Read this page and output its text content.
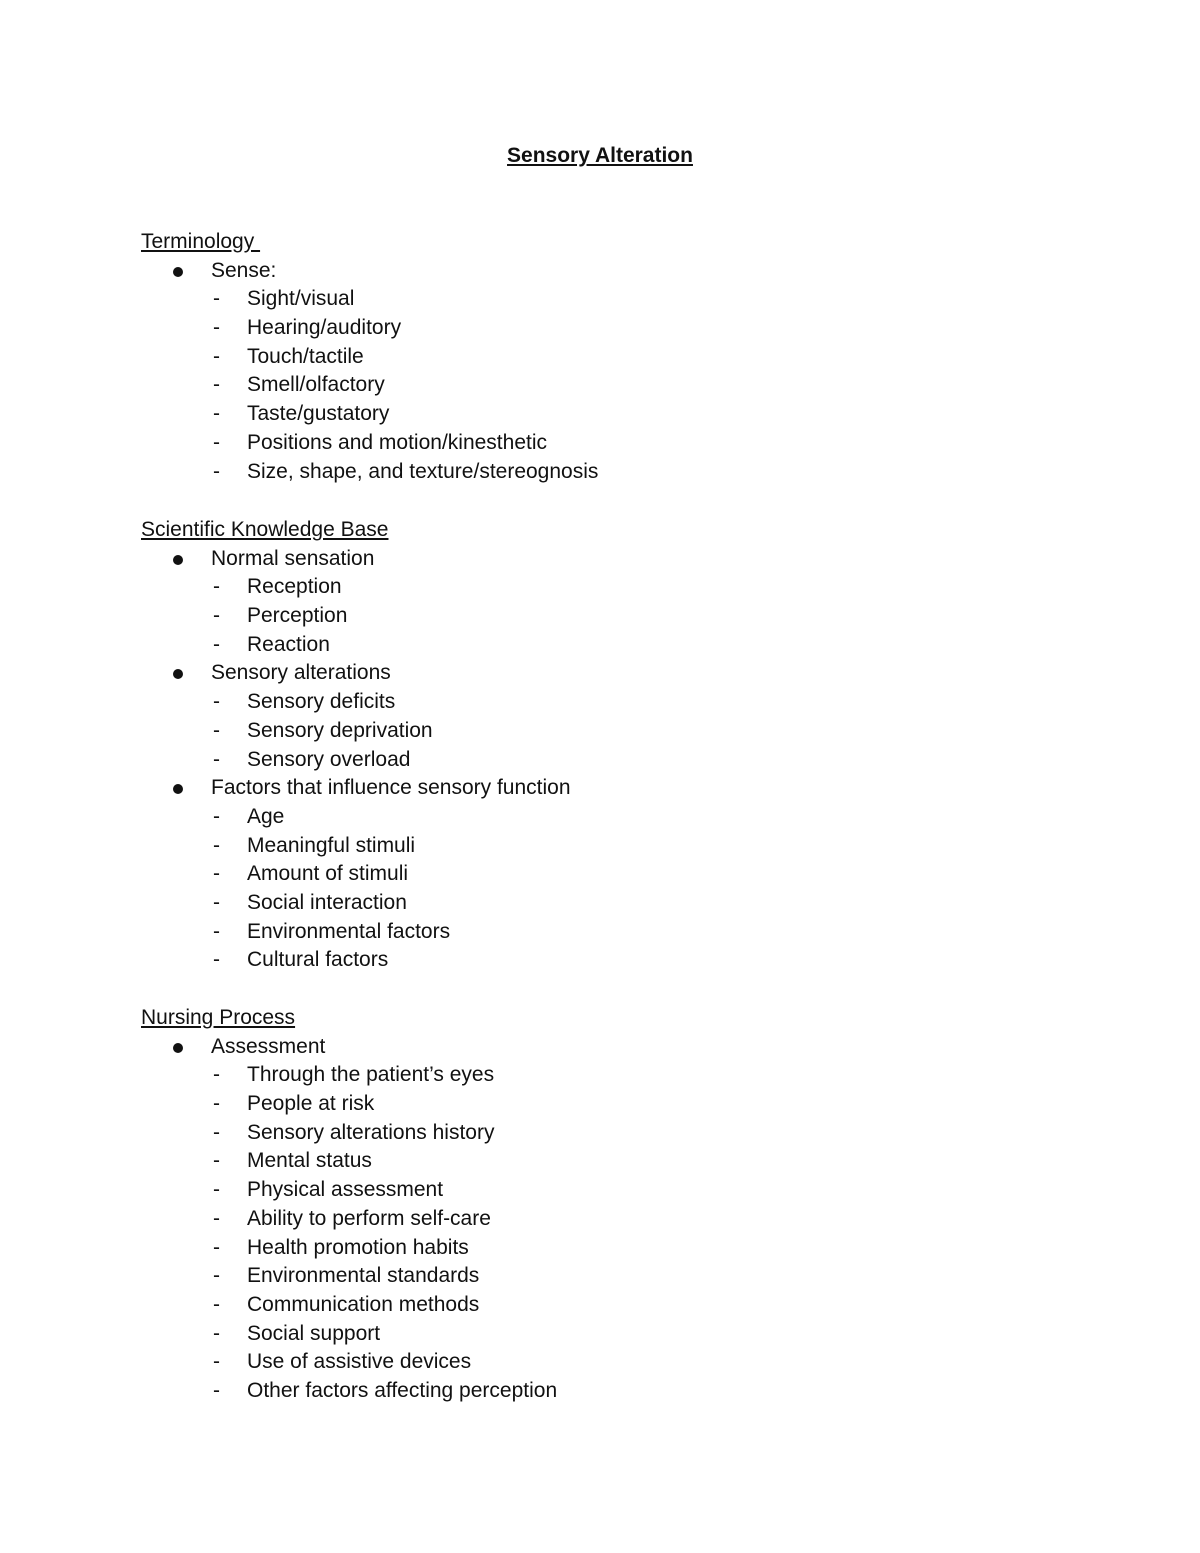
Sensory Alteration
Terminology
Sense:
- Sight/visual
- Hearing/auditory
- Touch/tactile
- Smell/olfactory
- Taste/gustatory
- Positions and motion/kinesthetic
- Size, shape, and texture/stereognosis
Scientific Knowledge Base
Normal sensation
- Reception
- Perception
- Reaction
Sensory alterations
- Sensory deficits
- Sensory deprivation
- Sensory overload
Factors that influence sensory function
- Age
- Meaningful stimuli
- Amount of stimuli
- Social interaction
- Environmental factors
- Cultural factors
Nursing Process
Assessment
- Through the patient’s eyes
- People at risk
- Sensory alterations history
- Mental status
- Physical assessment
- Ability to perform self-care
- Health promotion habits
- Environmental standards
- Communication methods
- Social support
- Use of assistive devices
- Other factors affecting perception
